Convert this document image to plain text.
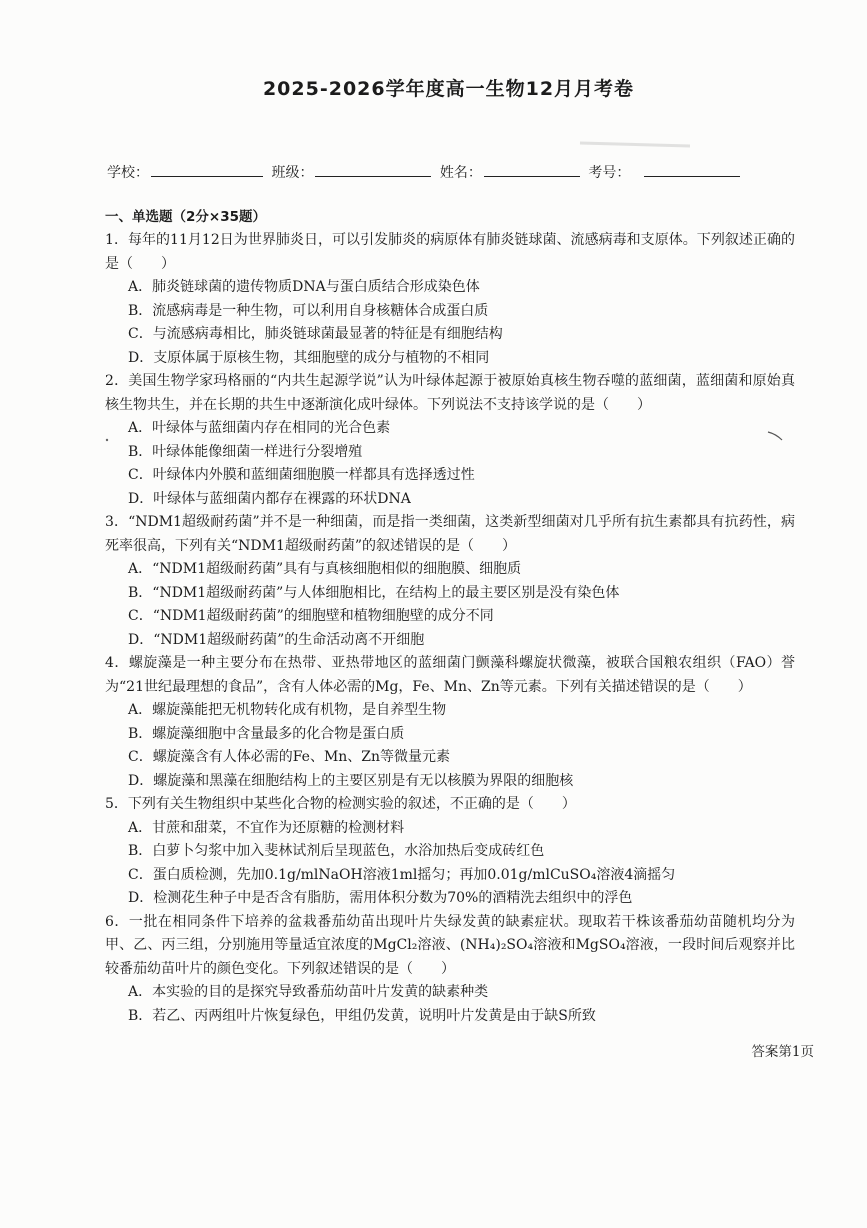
2025-2026学年度高一生物12月月考卷
学校：	班级：	姓名：	考号：
一、单选题（2分×35题）
1．每年的11月12日为世界肺炎日，可以引发肺炎的病原体有肺炎链球菌、流感病毒和支原体。下列叙述正确的是（　　）
A．肺炎链球菌的遗传物质DNA与蛋白质结合形成染色体
B．流感病毒是一种生物，可以利用自身核糖体合成蛋白质
C．与流感病毒相比，肺炎链球菌最显著的特征是有细胞结构
D．支原体属于原核生物，其细胞壁的成分与植物的不相同
2．美国生物学家玛格丽的“内共生起源学说”认为叶绿体起源于被原始真核生物吞噬的蓝细菌，蓝细菌和原始真核生物共生，并在长期的共生中逐渐演化成叶绿体。下列说法不支持该学说的是（　　）
A．叶绿体与蓝细菌内存在相同的光合色素
B．叶绿体能像细菌一样进行分裂增殖
C．叶绿体内外膜和蓝细菌细胞膜一样都具有选择透过性
D．叶绿体与蓝细菌内都存在裸露的环状DNA
3．“NDM1超级耐药菌”并不是一种细菌，而是指一类细菌，这类新型细菌对几乎所有抗生素都具有抗药性，病死率很高，下列有关“NDM1超级耐药菌”的叙述错误的是（　　）
A．“NDM1超级耐药菌”具有与真核细胞相似的细胞膜、细胞质
B．“NDM1超级耐药菌”与人体细胞相比，在结构上的最主要区别是没有染色体
C．“NDM1超级耐药菌”的细胞壁和植物细胞壁的成分不同
D．“NDM1超级耐药菌”的生命活动离不开细胞
4．螺旋藻是一种主要分布在热带、亚热带地区的蓝细菌门颤藻科螺旋状微藻，被联合国粮农组织（FAO）誉为“21世纪最理想的食品”，含有人体必需的Mg，Fe、Mn、Zn等元素。下列有关描述错误的是（　　）
A．螺旋藻能把无机物转化成有机物，是自养型生物
B．螺旋藻细胞中含量最多的化合物是蛋白质
C．螺旋藻含有人体必需的Fe、Mn、Zn等微量元素
D．螺旋藻和黑藻在细胞结构上的主要区别是有无以核膜为界限的细胞核
5．下列有关生物组织中某些化合物的检测实验的叙述，不正确的是（　　）
A．甘蔗和甜菜，不宜作为还原糖的检测材料
B．白萝卜匀浆中加入斐林试剂后呈现蓝色，水浴加热后变成砖红色
C．蛋白质检测，先加0.1g/mlNaOH溶液1ml摇匀；再加0.01g/mlCuSO₄溶液4滴摇匀
D．检测花生种子中是否含有脂肪，需用体积分数为70%的酒精洗去组织中的浮色
6．一批在相同条件下培养的盆栽番茄幼苗出现叶片失绿发黄的缺素症状。现取若干株该番茄幼苗随机均分为甲、乙、丙三组，分别施用等量适宜浓度的MgCl₂溶液、(NH₄)₂SO₄溶液和MgSO₄溶液，一段时间后观察并比较番茄幼苗叶片的颜色变化。下列叙述错误的是（　　）
A．本实验的目的是探究导致番茄幼苗叶片发黄的缺素种类
B．若乙、丙两组叶片恢复绿色，甲组仍发黄，说明叶片发黄是由于缺S所致
答案第1页
